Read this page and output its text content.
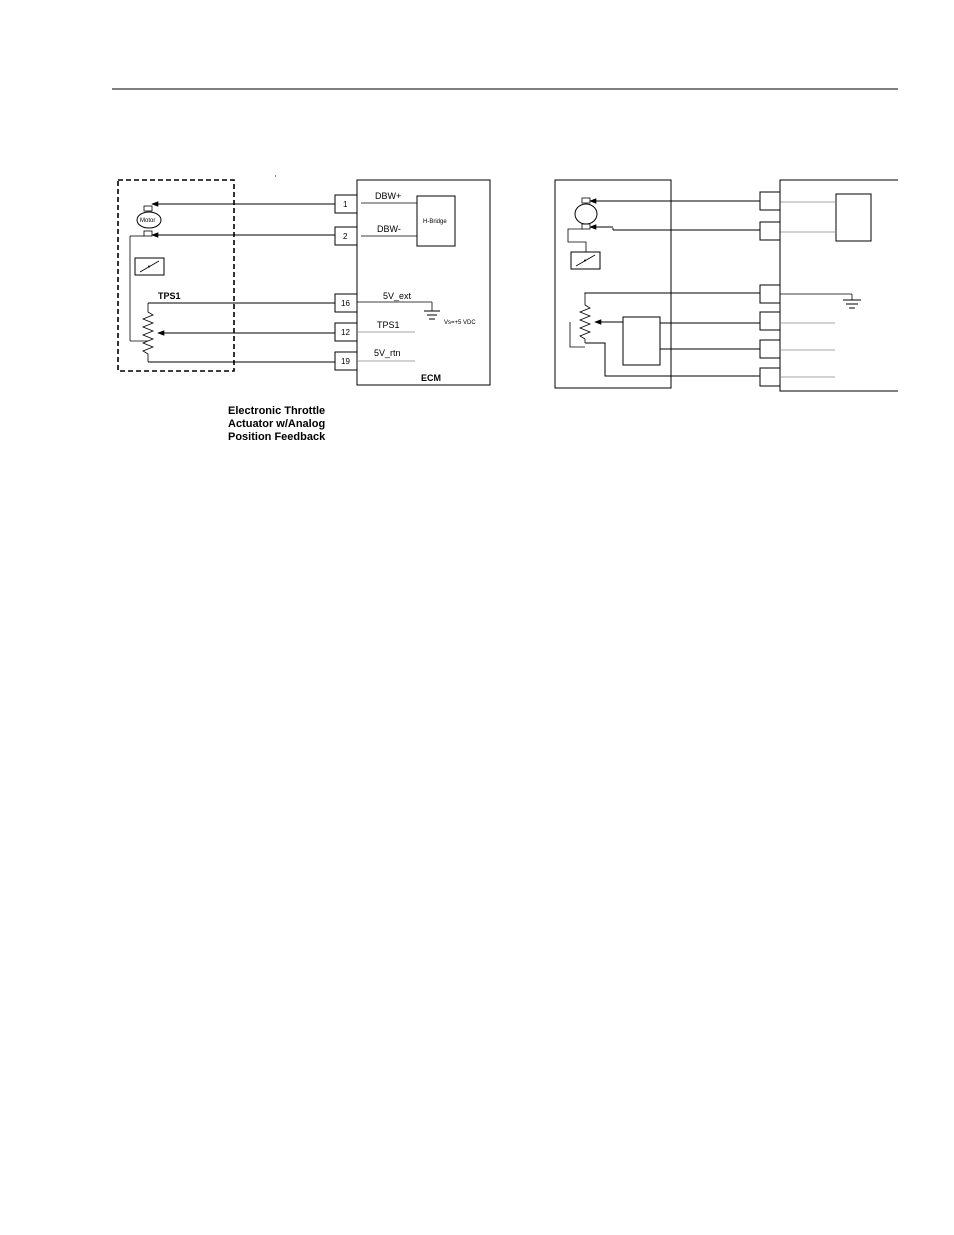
ECM
H-Bridge
1
2
16
12
19
DBW+
DBW-
5V_ext
TPS1
5V_rtn
Vs=+5 VDC
Motor
TPS1
Electronic Throttle
Actuator w/Analog
Position Feedback
